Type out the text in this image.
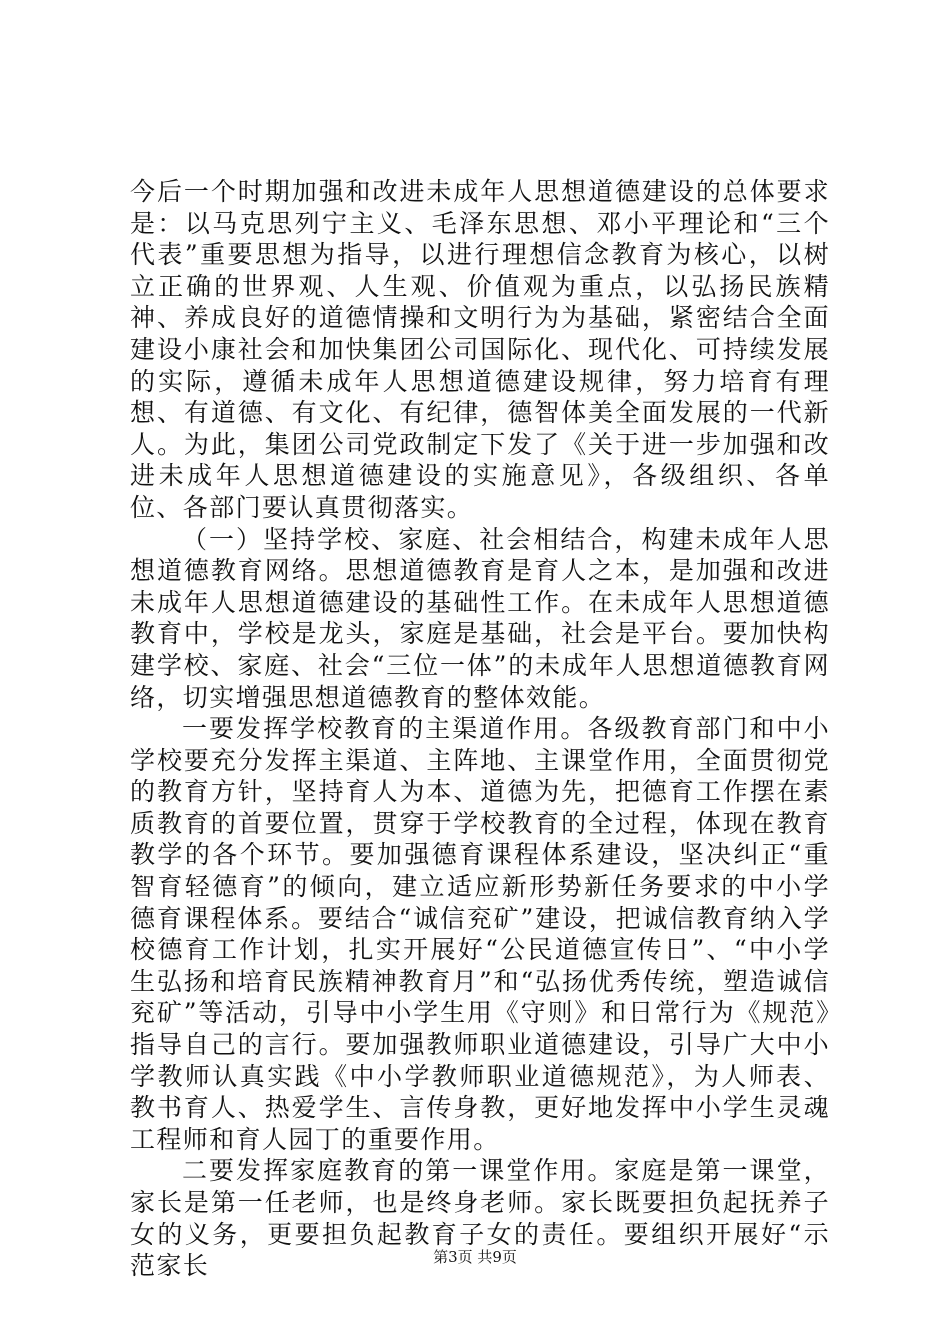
今后一个时期加强和改进未成年人思想道德建设的总体要求是：以马克思列宁主义、毛泽东思想、邓小平理论和“三个代表”重要思想为指导，以进行理想信念教育为核心，以树立正确的世界观、人生观、价值观为重点，以弘扬民族精神、养成良好的道德情操和文明行为为基础，紧密结合全面建设小康社会和加快集团公司国际化、现代化、可持续发展的实际，遵循未成年人思想道德建设规律，努力培育有理想、有道德、有文化、有纪律，德智体美全面发展的一代新人。为此，集团公司党政制定下发了《关于进一步加强和改进未成年人思想道德建设的实施意见》，各级组织、各单位、各部门要认真贯彻落实。

（一）坚持学校、家庭、社会相结合，构建未成年人思想道德教育网络。思想道德教育是育人之本，是加强和改进未成年人思想道德建设的基础性工作。在未成年人思想道德教育中，学校是龙头，家庭是基础，社会是平台。要加快构建学校、家庭、社会“三位一体”的未成年人思想道德教育网络，切实增强思想道德教育的整体效能。

一要发挥学校教育的主渠道作用。各级教育部门和中小学校要充分发挥主渠道、主阵地、主课堂作用，全面贯彻党的教育方针，坚持育人为本、道德为先，把德育工作摆在素质教育的首要位置，贯穿于学校教育的全过程，体现在教育教学的各个环节。要加强德育课程体系建设，坚决纠正“重智育轻德育”的倾向，建立适应新形势新任务要求的中小学德育课程体系。要结合“诚信兖矿”建设，把诚信教育纳入学校德育工作计划，扎实开展好“公民道德宣传日”、“中小学生弘扬和培育民族精神教育月”和“弘扬优秀传统，塑造诚信兖矿”等活动，引导中小学生用《守则》和日常行为《规范》指导自己的言行。要加强教师职业道德建设，引导广大中小学教师认真实践《中小学教师职业道德规范》，为人师表、教书育人、热爱学生、言传身教，更好地发挥中小学生灵魂工程师和育人园丁的重要作用。

二要发挥家庭教育的第一课堂作用。家庭是第一课堂，家长是第一任老师，也是终身老师。家长既要担负起抚养子女的义务，更要担负起教育子女的责任。要组织开展好“示范家长	第3页 共9页
